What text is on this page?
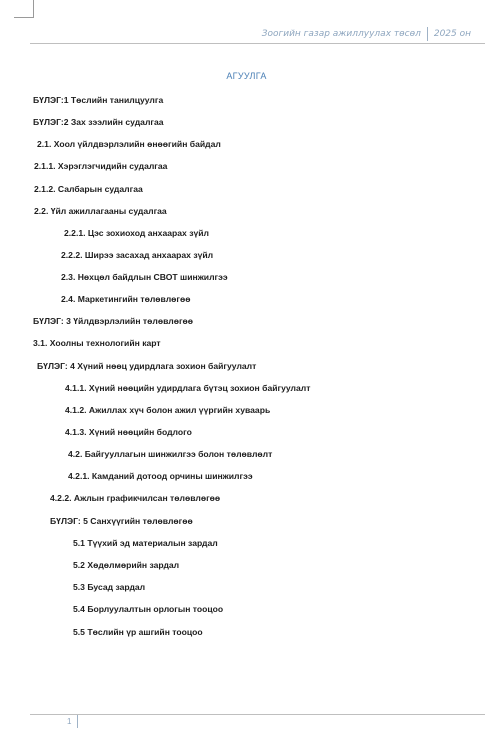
Зоогийн газар ажиллуулах төсөл 2025 он
АГУУЛГА
БҮЛЭГ:1 Төслийн танилцуулга
БҮЛЭГ:2 Зах зээлийн судалгаа
2.1. Хоол үйлдвэрлэлийн өнөөгийн байдал
2.1.1. Хэрэглэгчидийн судалгаа
2.1.2. Салбарын судалгаа
2.2. Үйл ажиллагааны судалгаа
2.2.1. Цэс зохиоход анхаарах зүйл
2.2.2. Ширээ засахад анхаарах зүйл
2.3. Нөхцөл байдлын СВОТ шинжилгээ
2.4. Маркетингийн төлөвлөгөө
БҮЛЭГ: 3 Үйлдвэрлэлийн төлөвлөгөө
3.1. Хоолны технологийн карт
БҮЛЭГ: 4 Хүний нөөц удирдлага зохион байгуулалт
4.1.1. Хүний нөөцийн удирдлага бүтэц зохион байгуулалт
4.1.2. Ажиллах хүч болон ажил үүргийн хуваарь
4.1.3. Хүний нөөцийн бодлого
4.2. Байгууллагын шинжилгээ болон төлөвлөлт
4.2.1. Камданий дотоод орчины шинжилгээ
4.2.2. Ажлын графикчилсан төлөвлөгөө
БҮЛЭГ: 5 Санхүүгийн төлөвлөгөө
5.1 Түүхий эд материалын зардал
5.2 Хөдөлмөрийн зардал
5.3 Бусад зардал
5.4 Борлуулалтын орлогын тооцоо
5.5 Төслийн үр ашгийн тооцоо
1
